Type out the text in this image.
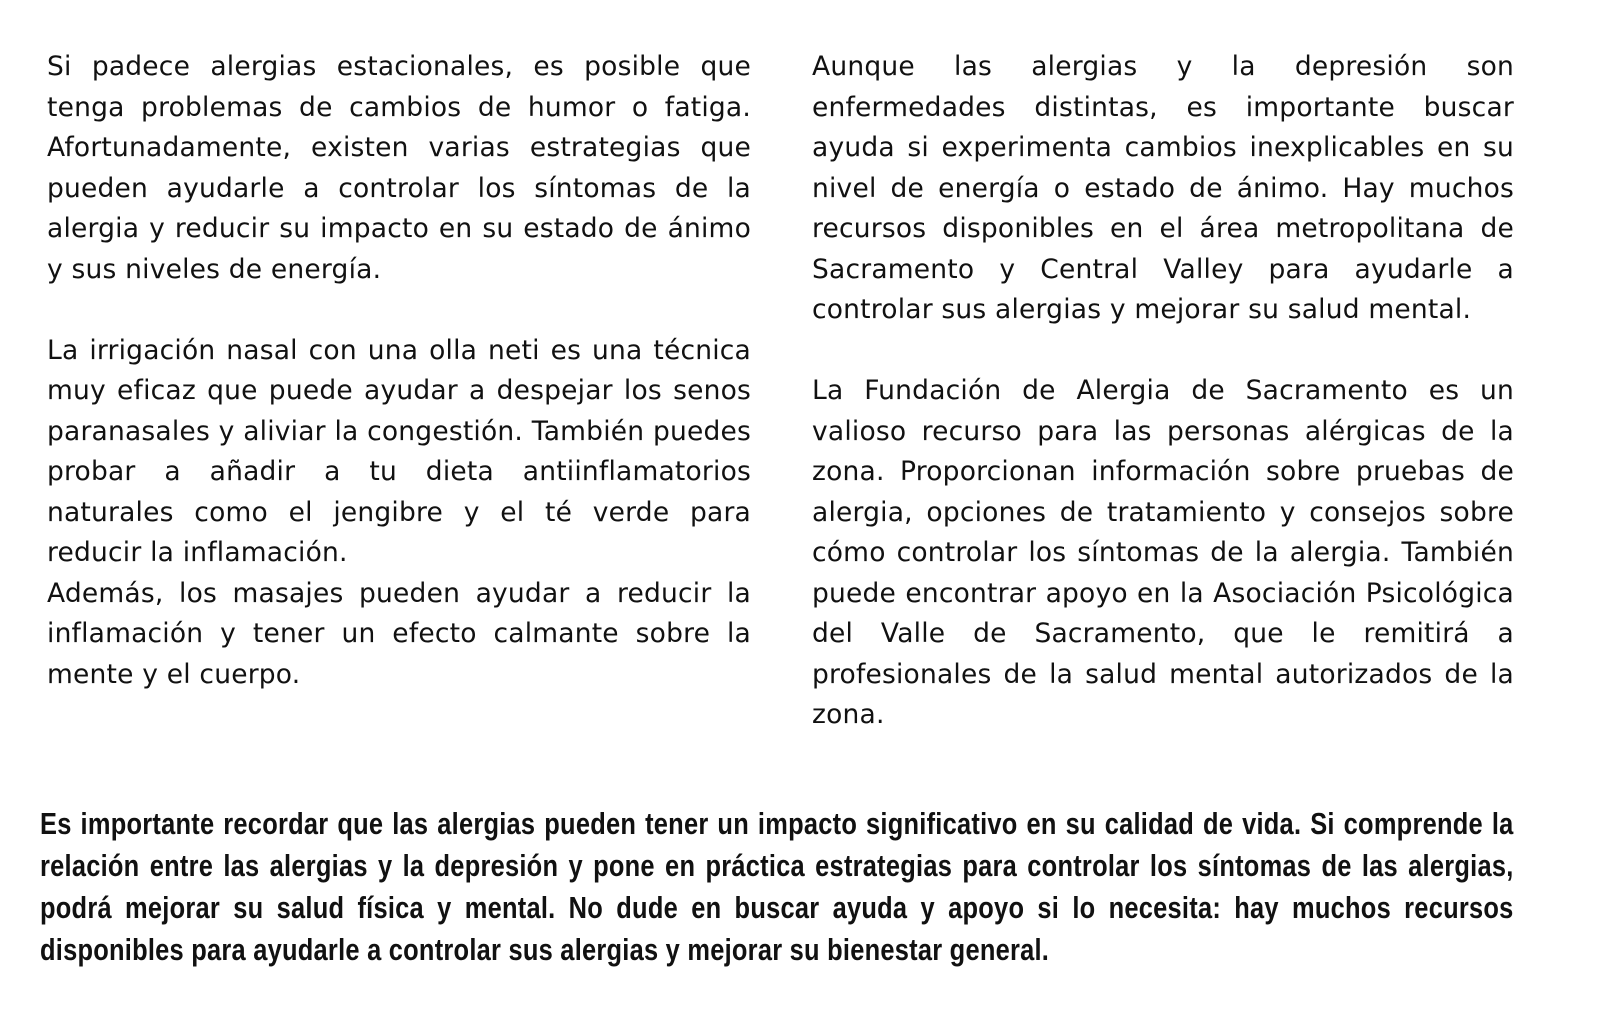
Si padece alergias estacionales, es posible que tenga problemas de cambios de humor o fatiga. Afortunadamente, existen varias estrategias que pueden ayudarle a controlar los síntomas de la alergia y reducir su impacto en su estado de ánimo y sus niveles de energía.

La irrigación nasal con una olla neti es una técnica muy eficaz que puede ayudar a despejar los senos paranasales y aliviar la congestión. También puedes probar a añadir a tu dieta antiinflamatorios naturales como el jengibre y el té verde para reducir la inflamación.

Además, los masajes pueden ayudar a reducir la inflamación y tener un efecto calmante sobre la mente y el cuerpo.

Aunque las alergias y la depresión son enfermedades distintas, es importante buscar ayuda si experimenta cambios inexplicables en su nivel de energía o estado de ánimo. Hay muchos recursos disponibles en el área metropolitana de Sacramento y Central Valley para ayudarle a controlar sus alergias y mejorar su salud mental.

La Fundación de Alergia de Sacramento es un valioso recurso para las personas alérgicas de la zona. Proporcionan información sobre pruebas de alergia, opciones de tratamiento y consejos sobre cómo controlar los síntomas de la alergia. También puede encontrar apoyo en la Asociación Psicológica del Valle de Sacramento, que le remitirá a profesionales de la salud mental autorizados de la zona.

Es importante recordar que las alergias pueden tener un impacto significativo en su calidad de vida. Si comprende la relación entre las alergias y la depresión y pone en práctica estrategias para controlar los síntomas de las alergias, podrá mejorar su salud física y mental. No dude en buscar ayuda y apoyo si lo necesita: hay muchos recursos disponibles para ayudarle a controlar sus alergias y mejorar su bienestar general.
